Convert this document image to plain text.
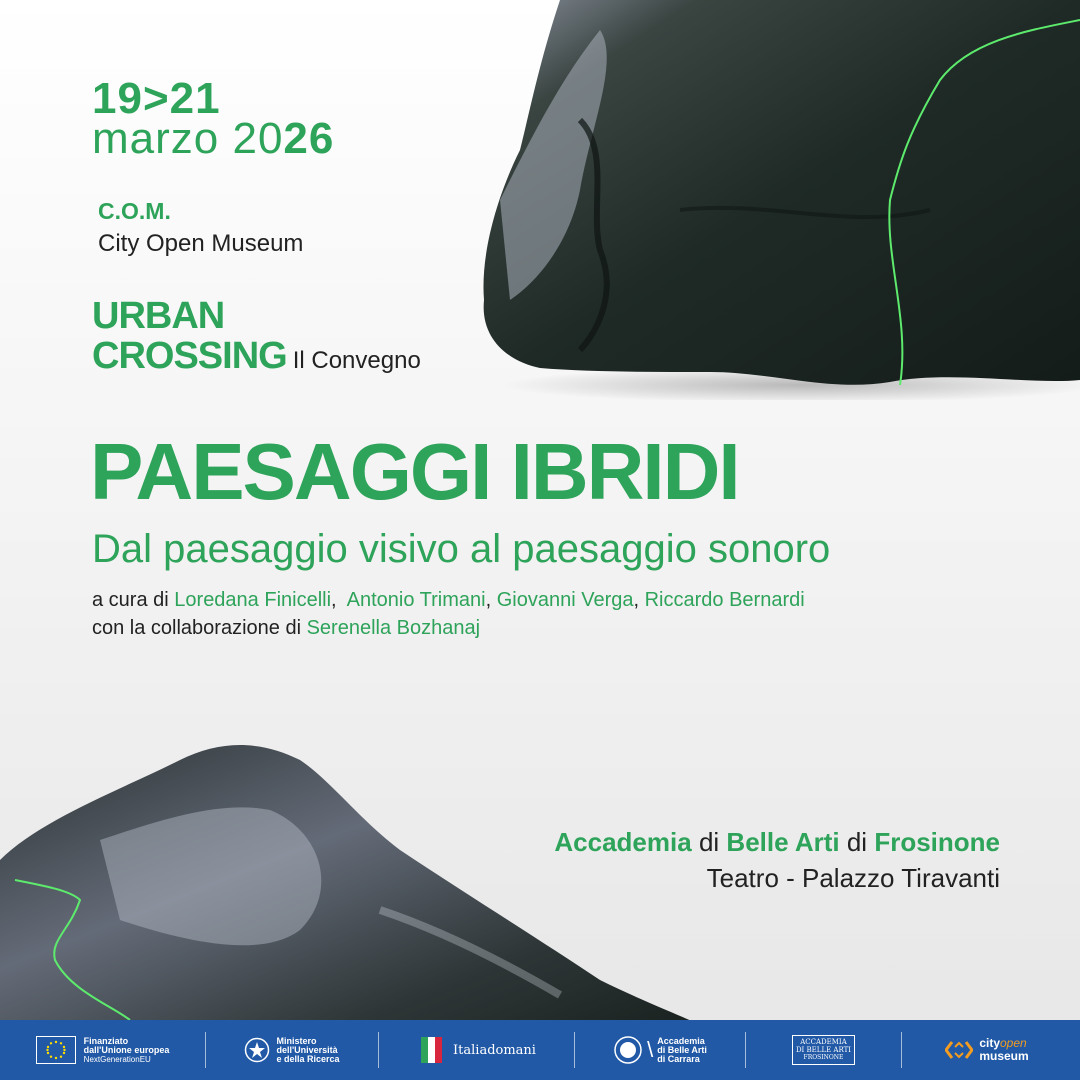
19>21
marzo 2026
C.O.M.
City Open Museum
URBAN
CROSSING Il Convegno
PAESAGGI IBRIDI
Dal paesaggio visivo al paesaggio sonoro
a cura di Loredana Finicelli,  Antonio Trimani, Giovanni Verga, Riccardo Bernardi
con la collaborazione di Serenella Bozhanaj
Accademia di Belle Arti di Frosinone
Teatro - Palazzo Tiravanti
Finanziato
dall'Unione europea
NextGenerationEU
Ministero
dell'Università
e della Ricerca
Italiadomani	\ Accademia
di Belle Arti
di Carrara
ACCADEMIA
DI BELLE ARTI
FROSINONE
cityopen
museum
